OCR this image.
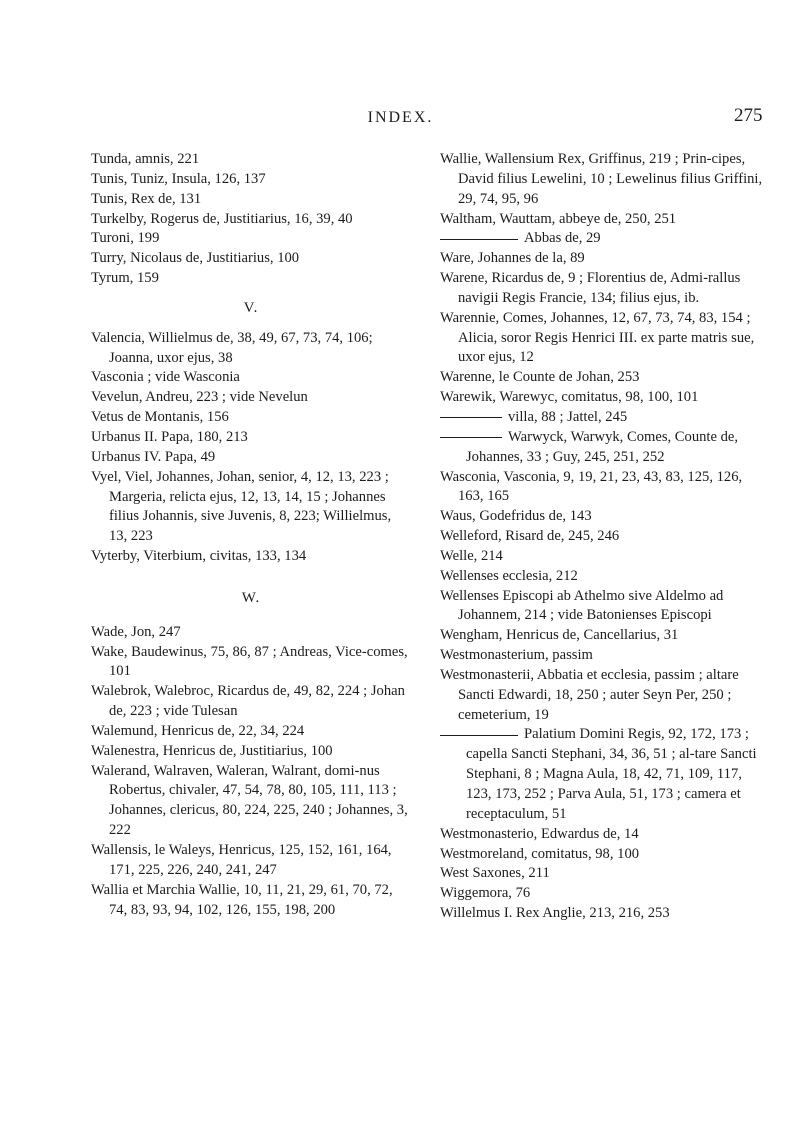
INDEX.	275
Tunda, amnis, 221
Tunis, Tuniz, Insula, 126, 137
Tunis, Rex de, 131
Turkelby, Rogerus de, Justitiarius, 16, 39, 40
Turoni, 199
Turry, Nicolaus de, Justitiarius, 100
Tyrum, 159
V.
Valencia, Willielmus de, 38, 49, 67, 73, 74, 106; Joanna, uxor ejus, 38
Vasconia ; vide Wasconia
Vevelun, Andreu, 223 ; vide Nevelun
Vetus de Montanis, 156
Urbanus II. Papa, 180, 213
Urbanus IV. Papa, 49
Vyel, Viel, Johannes, Johan, senior, 4, 12, 13, 223 ; Margeria, relicta ejus, 12, 13, 14, 15 ; Johannes filius Johannis, sive Juvenis, 8, 223; Willielmus, 13, 223
Vyterby, Viterbium, civitas, 133, 134
W.
Wade, Jon, 247
Wake, Baudewinus, 75, 86, 87 ; Andreas, Vice-comes, 101
Walebrok, Walebroc, Ricardus de, 49, 82, 224 ; Johan de, 223 ; vide Tulesan
Walemund, Henricus de, 22, 34, 224
Walenestra, Henricus de, Justitiarius, 100
Walerand, Walraven, Waleran, Walrant, domi-nus Robertus, chivaler, 47, 54, 78, 80, 105, 111, 113 ; Johannes, clericus, 80, 224, 225, 240 ; Johannes, 3, 222
Wallensis, le Waleys, Henricus, 125, 152, 161, 164, 171, 225, 226, 240, 241, 247
Wallia et Marchia Wallie, 10, 11, 21, 29, 61, 70, 72, 74, 83, 93, 94, 102, 126, 155, 198, 200
Wallie, Wallensium Rex, Griffinus, 219 ; Prin-cipes, David filius Lewelini, 10 ; Lewelinus filius Griffini, 29, 74, 95, 96
Waltham, Wauttam, abbeye de, 250, 251
Abbas de, 29
Ware, Johannes de la, 89
Warene, Ricardus de, 9 ; Florentius de, Admi-rallus navigii Regis Francie, 134; filius ejus, ib.
Warennie, Comes, Johannes, 12, 67, 73, 74, 83, 154 ; Alicia, soror Regis Henrici III. ex parte matris sue, uxor ejus, 12
Warenne, le Counte de Johan, 253
Warewik, Warewyc, comitatus, 98, 100, 101
villa, 88 ; Jattel, 245
Warwyck, Warwyk, Comes, Counte de, Johannes, 33 ; Guy, 245, 251, 252
Wasconia, Vasconia, 9, 19, 21, 23, 43, 83, 125, 126, 163, 165
Waus, Godefridus de, 143
Welleford, Risard de, 245, 246
Welle, 214
Wellenses ecclesia, 212
Wellenses Episcopi ab Athelmo sive Aldelmo ad Johannem, 214 ; vide Batonienses Episcopi
Wengham, Henricus de, Cancellarius, 31
Westmonasterium, passim
Westmonasterii, Abbatia et ecclesia, passim ; altare Sancti Edwardi, 18, 250 ; auter Seyn Per, 250 ; cemeterium, 19
Palatium Domini Regis, 92, 172, 173 ; capella Sancti Stephani, 34, 36, 51 ; al-tare Sancti Stephani, 8 ; Magna Aula, 18, 42, 71, 109, 117, 123, 173, 252 ; Parva Aula, 51, 173 ; camera et receptaculum, 51
Westmonasterio, Edwardus de, 14
Westmoreland, comitatus, 98, 100
West Saxones, 211
Wiggemora, 76
Willelmus I. Rex Anglie, 213, 216, 253
